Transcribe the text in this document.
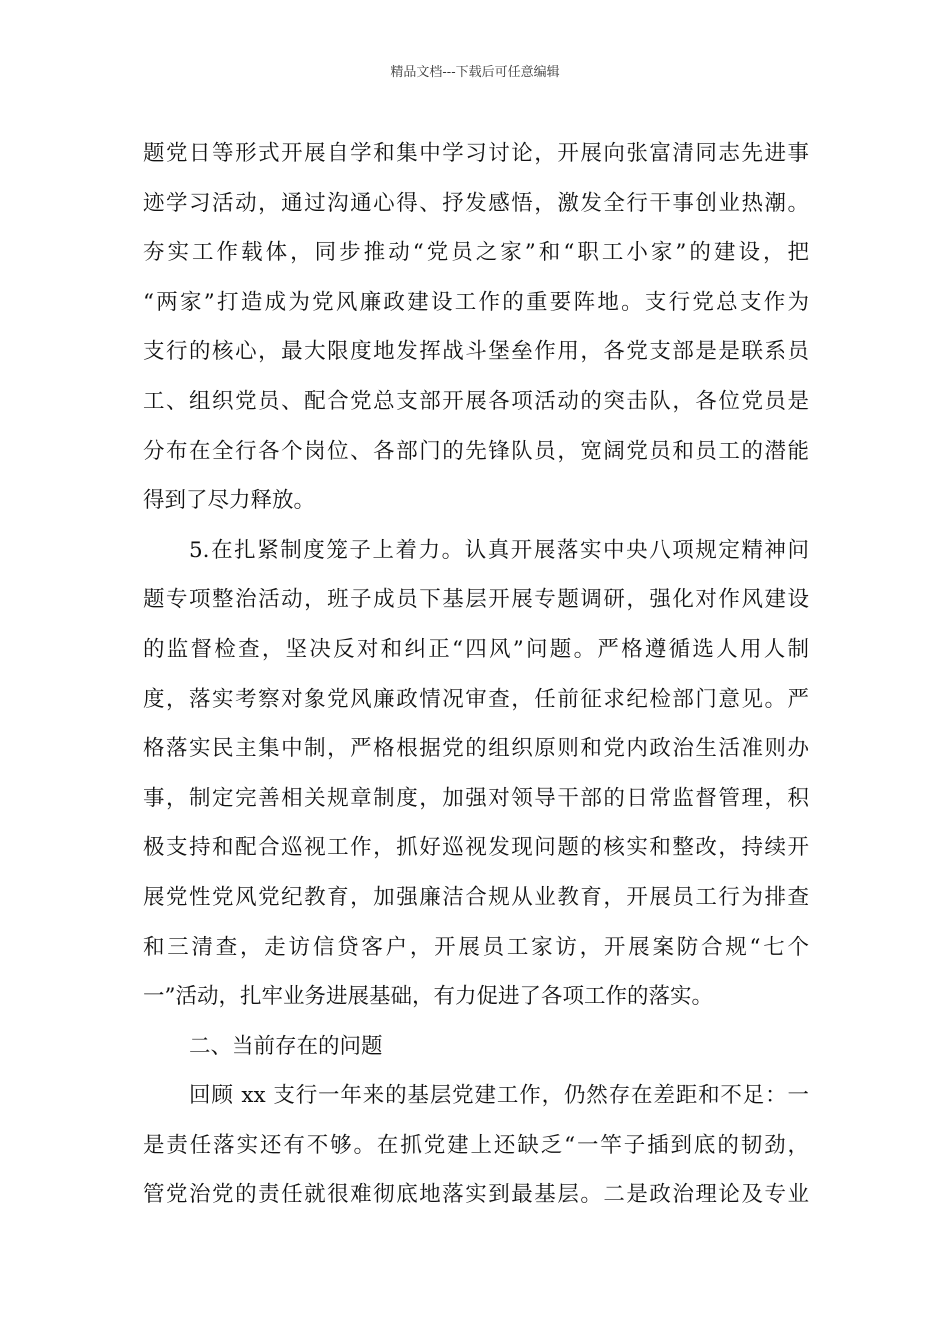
精品文档---下载后可任意编辑
题党日等形式开展自学和集中学习讨论，开展向张富清同志先进事
迹学习活动，通过沟通心得、抒发感悟，激发全行干事创业热潮。
夯实工作载体，同步推动“党员之家”和“职工小家”的建设，把
“两家”打造成为党风廉政建设工作的重要阵地。支行党总支作为
支行的核心，最大限度地发挥战斗堡垒作用，各党支部是是联系员
工、组织党员、配合党总支部开展各项活动的突击队，各位党员是
分布在全行各个岗位、各部门的先锋队员，宽阔党员和员工的潜能
得到了尽力释放。
5.在扎紧制度笼子上着力。认真开展落实中央八项规定精神问
题专项整治活动，班子成员下基层开展专题调研，强化对作风建设
的监督检查，坚决反对和纠正“四风”问题。严格遵循选人用人制
度，落实考察对象党风廉政情况审查，任前征求纪检部门意见。严
格落实民主集中制，严格根据党的组织原则和党内政治生活准则办
事，制定完善相关规章制度，加强对领导干部的日常监督管理，积
极支持和配合巡视工作，抓好巡视发现问题的核实和整改，持续开
展党性党风党纪教育，加强廉洁合规从业教育，开展员工行为排查
和三清查，走访信贷客户，开展员工家访，开展案防合规“七个
一”活动，扎牢业务进展基础，有力促进了各项工作的落实。
二、当前存在的问题
回顾 xx 支行一年来的基层党建工作，仍然存在差距和不足：一
是责任落实还有不够。在抓党建上还缺乏“一竿子插到底的韧劲，
管党治党的责任就很难彻底地落实到最基层。二是政治理论及专业
